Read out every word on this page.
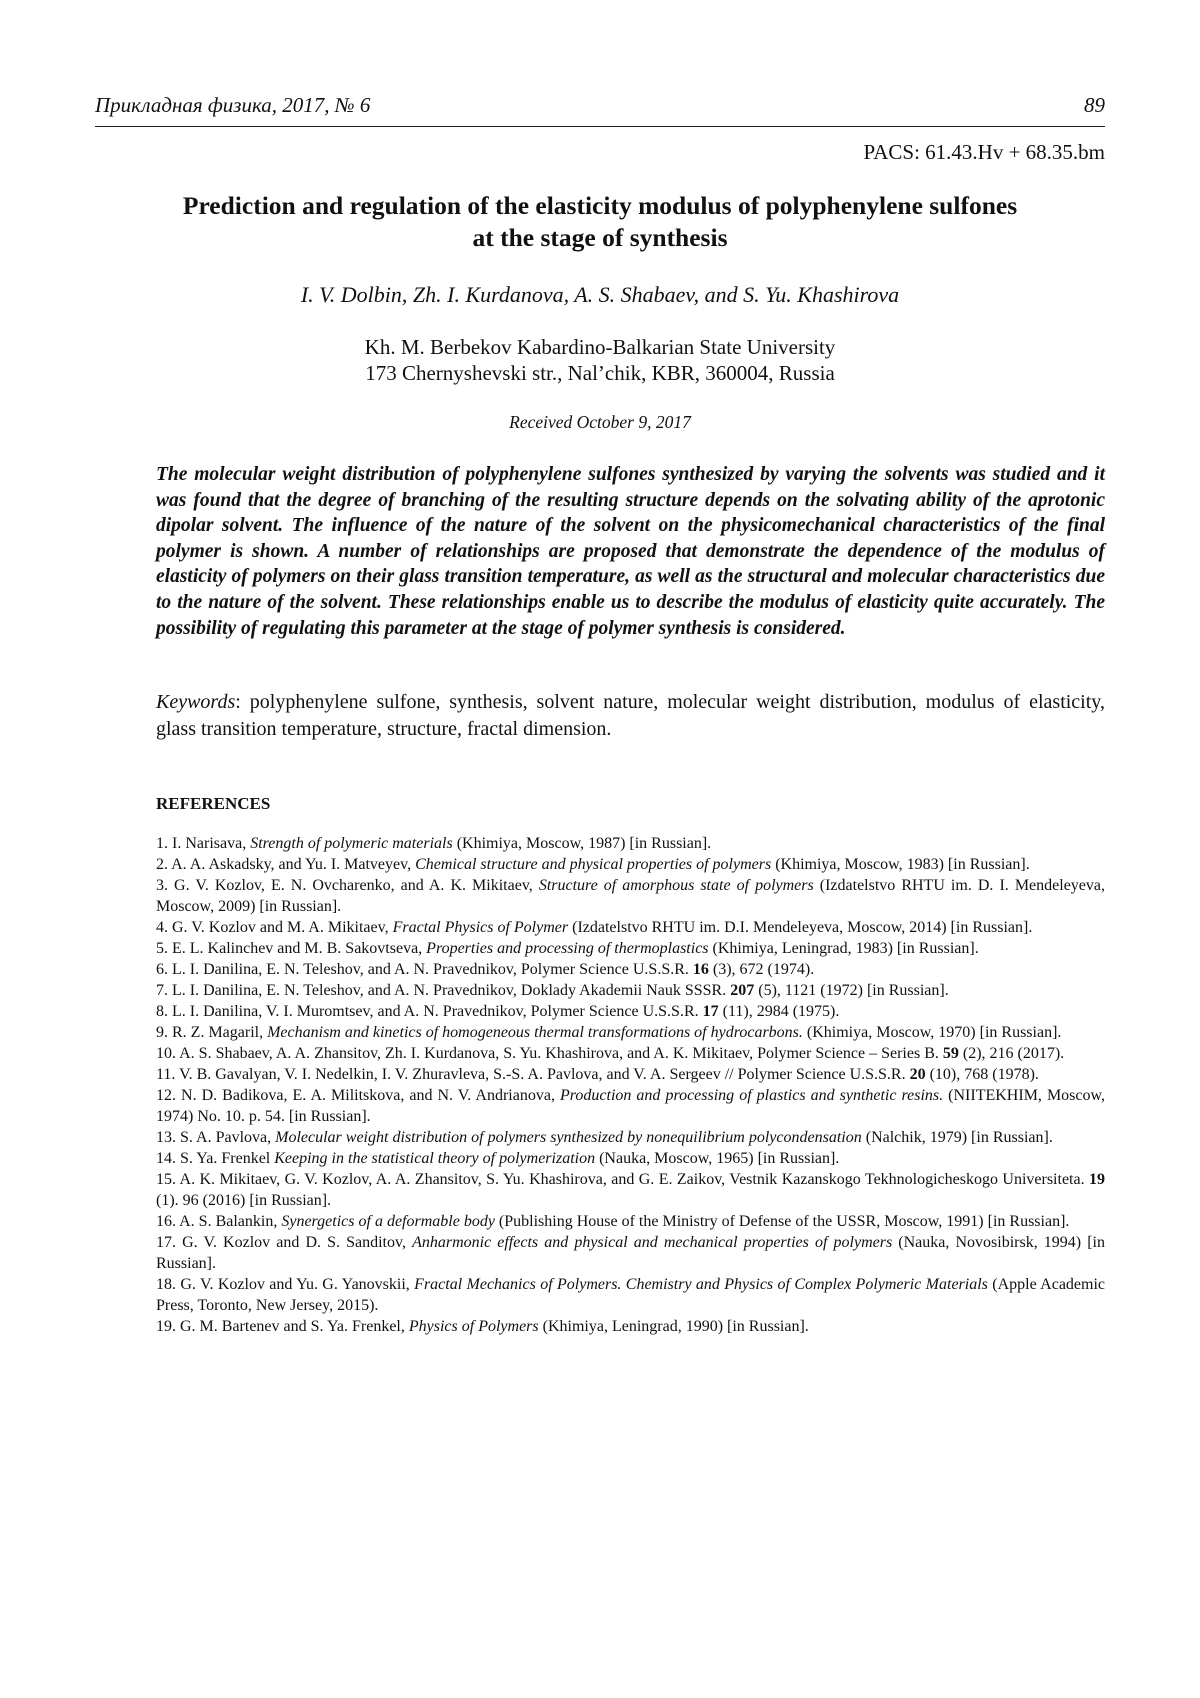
Прикладная физика, 2017, № 6	89
PACS: 61.43.Hv + 68.35.bm
Prediction and regulation of the elasticity modulus of polyphenylene sulfones
at the stage of synthesis
I. V. Dolbin, Zh. I. Kurdanova, A. S. Shabaev, and S. Yu. Khashirova
Kh. M. Berbekov Kabardino-Balkarian State University
173 Chernyshevski str., Nal’chik, KBR, 360004, Russia
Received October 9, 2017

The molecular weight distribution of polyphenylene sulfones synthesized by varying the solvents was studied and it was found that the degree of branching of the resulting structure depends on the solvating ability of the aprotonic dipolar solvent. The influence of the nature of the solvent on the physicomechanical characteristics of the final polymer is shown. A number of relationships are proposed that demonstrate the dependence of the modulus of elasticity of polymers on their glass transition temperature, as well as the structural and molecular characteristics due to the nature of the solvent. These relationships enable us to describe the modulus of elasticity quite accurately. The possibility of regulating this parameter at the stage of polymer synthesis is considered.

Keywords: polyphenylene sulfone, synthesis, solvent nature, molecular weight distribution, modulus of elasticity, glass transition temperature, structure, fractal dimension.

REFERENCES

1. I. Narisava, Strength of polymeric materials (Khimiya, Moscow, 1987) [in Russian].

2. A. A. Askadsky, and Yu. I. Matveyev, Chemical structure and physical properties of polymers (Khimiya, Moscow, 1983) [in Russian].

3. G. V. Kozlov, E. N. Ovcharenko, and A. K. Mikitaev, Structure of amorphous state of polymers (Izdatelstvo RHTU im. D. I. Mendeleyeva, Moscow, 2009) [in Russian].

4. G. V. Kozlov and M. A. Mikitaev, Fractal Physics of Polymer (Izdatelstvo RHTU im. D.I. Mendeleyeva, Moscow, 2014) [in Russian].

5. E. L. Kalinchev and M. B. Sakovtseva, Properties and processing of thermoplastics (Khimiya, Leningrad, 1983) [in Russian].

6. L. I. Danilina, E. N. Teleshov, and A. N. Pravednikov, Polymer Science U.S.S.R. 16 (3), 672 (1974).

7. L. I. Danilina, E. N. Teleshov, and A. N. Pravednikov, Doklady Akademii Nauk SSSR. 207 (5), 1121 (1972) [in Russian].

8. L. I. Danilina, V. I. Muromtsev, and A. N. Pravednikov, Polymer Science U.S.S.R. 17 (11), 2984 (1975).

9. R. Z. Magaril, Mechanism and kinetics of homogeneous thermal transformations of hydrocarbons. (Khimiya, Moscow, 1970) [in Russian].

10. A. S. Shabaev, A. A. Zhansitov, Zh. I. Kurdanova, S. Yu. Khashirova, and A. K. Mikitaev, Polymer Science – Series B. 59 (2), 216 (2017).

11. V. B. Gavalyan, V. I. Nedelkin, I. V. Zhuravleva, S.-S. A. Pavlova, and V. A. Sergeev // Polymer Science U.S.S.R. 20 (10), 768 (1978).

12. N. D. Badikova, E. A. Militskova, and N. V. Andrianova, Production and processing of plastics and synthetic resins. (NIITEKHIM, Moscow, 1974) No. 10. p. 54. [in Russian].

13. S. A. Pavlova, Molecular weight distribution of polymers synthesized by nonequilibrium polycondensation (Nalchik, 1979) [in Russian].

14. S. Ya. Frenkel Keeping in the statistical theory of polymerization (Nauka, Moscow, 1965) [in Russian].

15. A. K. Mikitaev, G. V. Kozlov, A. A. Zhansitov, S. Yu. Khashirova, and G. E. Zaikov, Vestnik Kazanskogo Tekhnologicheskogo Universiteta. 19 (1). 96 (2016) [in Russian].

16. A. S. Balankin, Synergetics of a deformable body (Publishing House of the Ministry of Defense of the USSR, Moscow, 1991) [in Russian].

17. G. V. Kozlov and D. S. Sanditov, Anharmonic effects and physical and mechanical properties of polymers (Nauka, Novosibirsk, 1994) [in Russian].

18. G. V. Kozlov and Yu. G. Yanovskii, Fractal Mechanics of Polymers. Chemistry and Physics of Complex Polymeric Materials (Apple Academic Press, Toronto, New Jersey, 2015).

19. G. M. Bartenev and S. Ya. Frenkel, Physics of Polymers (Khimiya, Leningrad, 1990) [in Russian].
